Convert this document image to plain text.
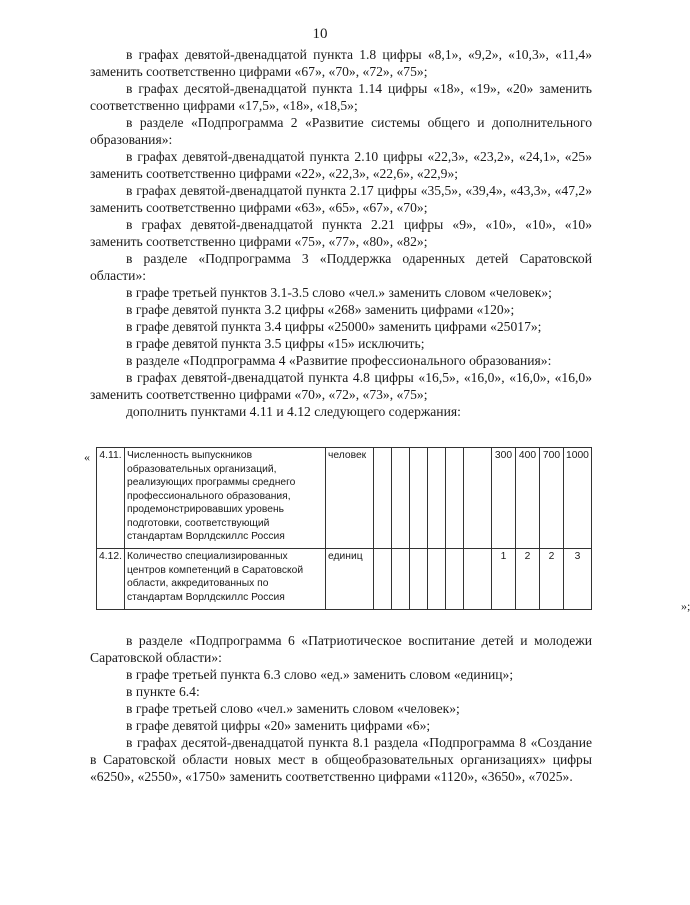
10

в графах девятой-двенадцатой пункта 1.8 цифры «8,1», «9,2», «10,3», «11,4» заменить соответственно цифрами «67», «70», «72», «75»;

в графах десятой-двенадцатой пункта 1.14 цифры «18», «19», «20» заменить соответственно цифрами «17,5», «18», «18,5»;

в разделе «Подпрограмма 2 «Развитие системы общего и дополнительного образования»:

в графах девятой-двенадцатой пункта 2.10 цифры «22,3», «23,2», «24,1», «25» заменить соответственно цифрами «22», «22,3», «22,6», «22,9»;

в графах девятой-двенадцатой пункта 2.17 цифры «35,5», «39,4», «43,3», «47,2» заменить соответственно цифрами «63», «65», «67», «70»;

в графах девятой-двенадцатой пункта 2.21 цифры «9», «10», «10», «10» заменить соответственно цифрами «75», «77», «80», «82»;

в разделе «Подпрограмма 3 «Поддержка одаренных детей Саратовской области»:

в графе третьей пунктов 3.1-3.5 слово «чел.» заменить словом «человек»;

в графе девятой пункта 3.2 цифры «268» заменить цифрами «120»;

в графе девятой пункта 3.4 цифры «25000» заменить цифрами «25017»;

в графе девятой пункта 3.5 цифры «15» исключить;

в разделе «Подпрограмма 4 «Развитие профессионального образования»:

в графах девятой-двенадцатой пункта 4.8 цифры «16,5», «16,0», «16,0», «16,0» заменить соответственно цифрами «70», «72», «73», «75»;

дополнить пунктами 4.11 и 4.12 следующего содержания:

« 4.11.	Численность выпускников образовательных организаций, реализующих программы среднего профессионального образования, продемонстрировавших уровень подготовки, соответствующий стандартам Ворлдскиллс Россия	человек							300	400	700	1000
4.12.	Количество специализированных центров компетенций в Саратовской области, аккредитованных по стандартам Ворлдскиллс Россия	единиц							1	2	2	3
»;

в разделе «Подпрограмма 6 «Патриотическое воспитание детей и молодежи Саратовской области»:

в графе третьей пункта 6.3 слово «ед.» заменить словом «единиц»;

в пункте 6.4:

в графе третьей слово «чел.» заменить словом «человек»;

в графе девятой цифры «20» заменить цифрами «6»;

в графах десятой-двенадцатой пункта 8.1 раздела «Подпрограмма 8 «Создание в Саратовской области новых мест в общеобразовательных организациях» цифры «6250», «2550», «1750» заменить соответственно цифрами «1120», «3650», «7025».
